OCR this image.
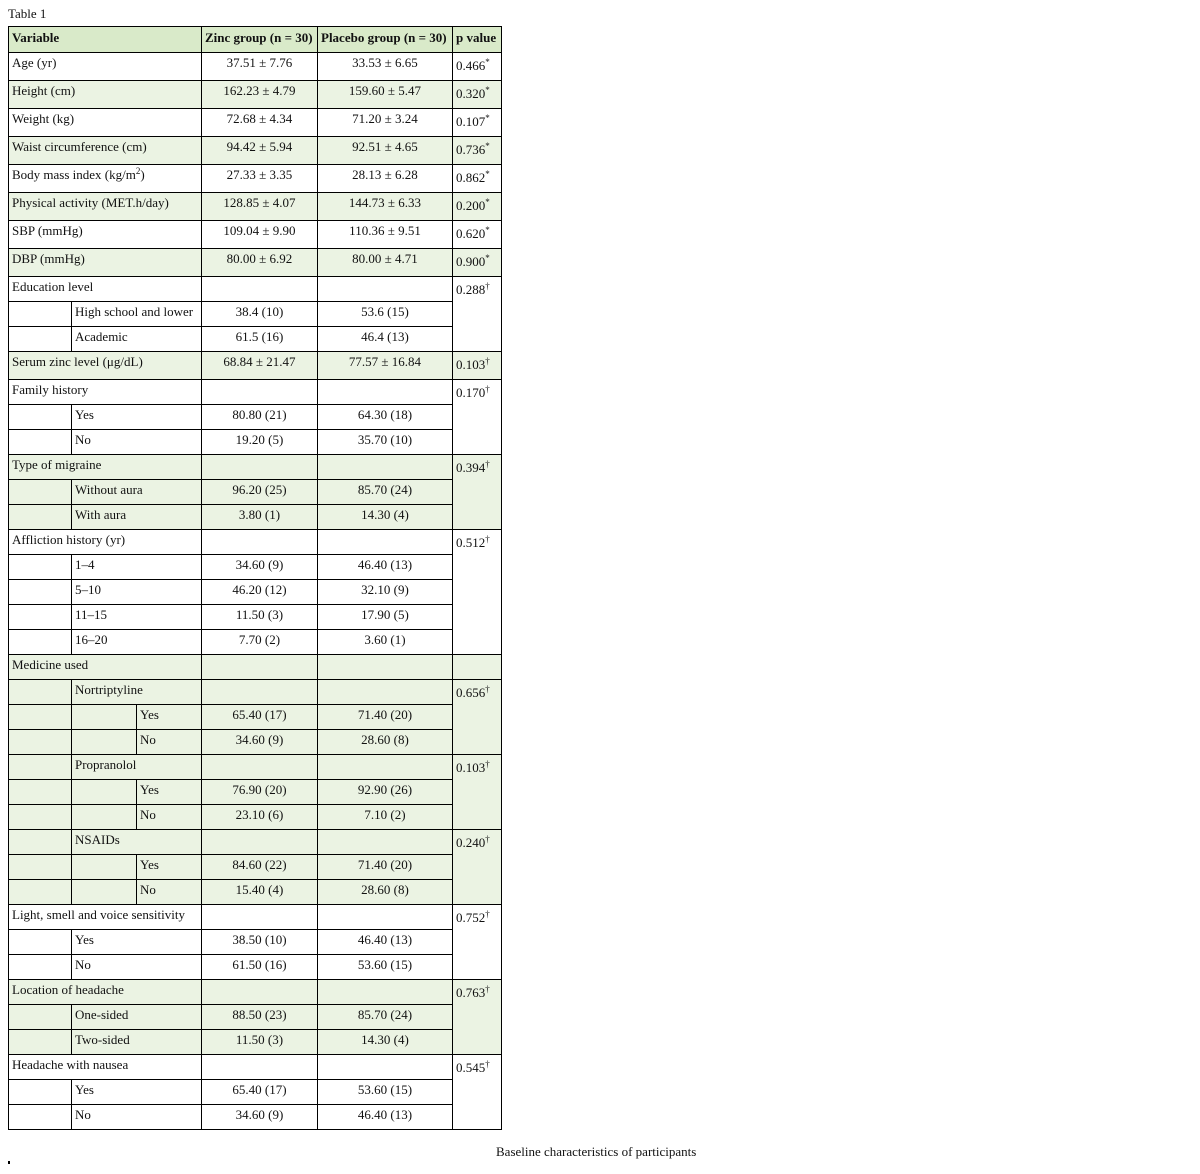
Table 1
Variable			Zinc group (n = 30)	Placebo group (n = 30)	p value
Age (yr)			37.51 ± 7.76	33.53 ± 6.65	0.466*
Height (cm)			162.23 ± 4.79	159.60 ± 5.47	0.320*
Weight (kg)			72.68 ± 4.34	71.20 ± 3.24	0.107*
Waist circumference (cm)			94.42 ± 5.94	92.51 ± 4.65	0.736*
Body mass index $(kg/m^2)$			27.33 ± 3.35	28.13 ± 6.28	0.862*
Physical activity (MET.h/day)			128.85 ± 4.07	144.73 ± 6.33	0.200*
SBP (mmHg)			109.04 ± 9.90	110.36 ± 9.51	0.620*
DBP (mmHg)			80.00 ± 6.92	80.00 ± 4.71	0.900*
Education level					0.288†
	High school and lower		38.4 (10)	53.6 (15)	
	Academic		61.5 (16)	46.4 (13)	
Serum zinc level (μg/dL)			68.84 ± 21.47	77.57 ± 16.84	0.103†
Family history					0.170†
	Yes		80.80 (21)	64.30 (18)	
	No		19.20 (5)	35.70 (10)	
Type of migraine					0.394†
	Without aura		96.20 (25)	85.70 (24)	
	With aura		3.80 (1)	14.30 (4)	
Affliction history (yr)					0.512†
	1–4		34.60 (9)	46.40 (13)	
	5–10		46.20 (12)	32.10 (9)	
	11–15		11.50 (3)	17.90 (5)	
	16–20		7.70 (2)	3.60 (1)	
Medicine used					
	Nortriptyline				0.656†
		Yes	65.40 (17)	71.40 (20)	
		No	34.60 (9)	28.60 (8)	
	Propranolol				0.103†
		Yes	76.90 (20)	92.90 (26)	
		No	23.10 (6)	7.10 (2)	
	NSAIDs				0.240†
		Yes	84.60 (22)	71.40 (20)	
		No	15.40 (4)	28.60 (8)	
Light, smell and voice sensitivity					0.752†
	Yes		38.50 (10)	46.40 (13)	
	No		61.50 (16)	53.60 (15)	
Location of headache					0.763†
	One-sided		88.50 (23)	85.70 (24)	
	Two-sided		11.50 (3)	14.30 (4)	
Headache with nausea					0.545†
	Yes		65.40 (17)	53.60 (15)	
	No		34.60 (9)	46.40 (13)	
Baseline characteristics of participants
